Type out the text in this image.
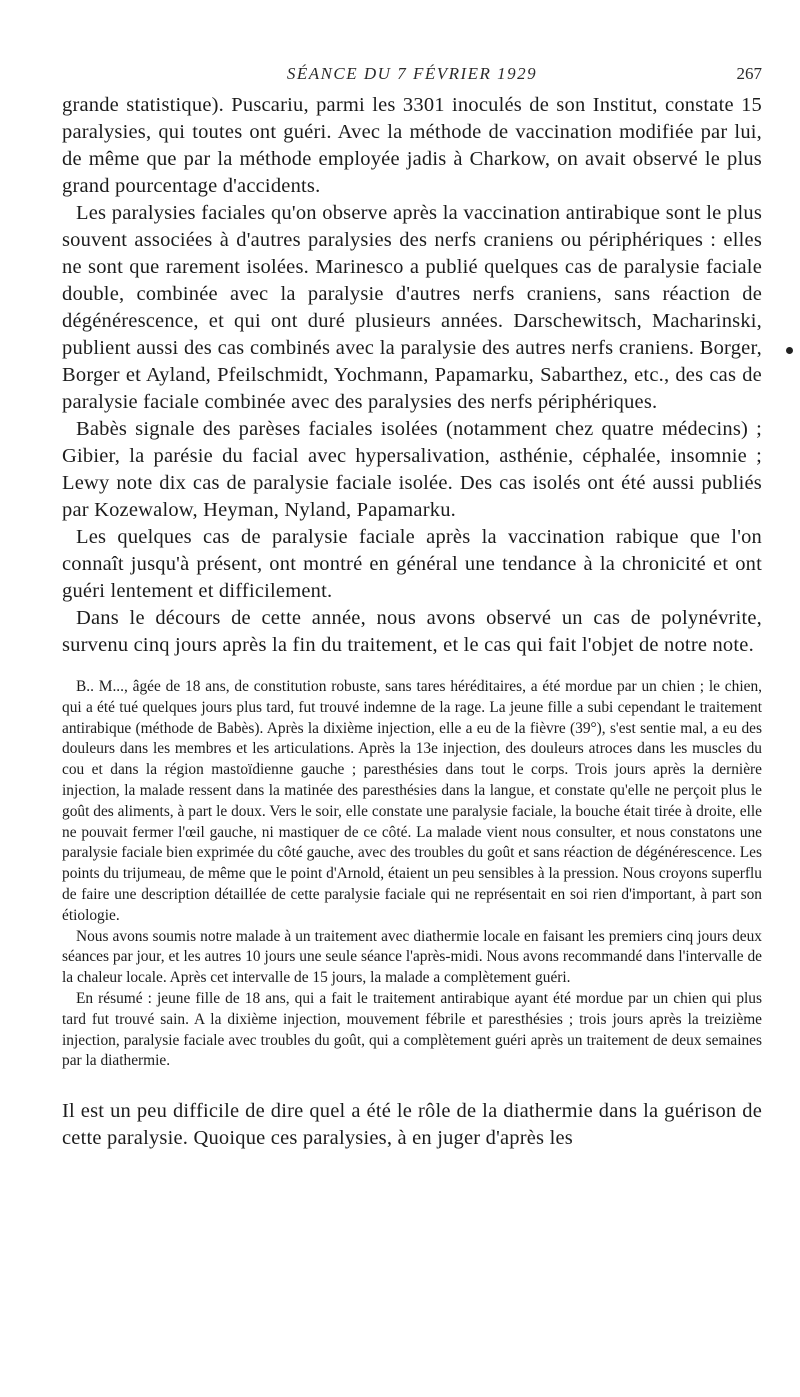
SÉANCE DU 7 FÉVRIER 1929	267

grande statistique). Puscariu, parmi les 3301 inoculés de son Institut, constate 15 paralysies, qui toutes ont guéri. Avec la méthode de vaccination modifiée par lui, de même que par la méthode employée jadis à Charkow, on avait observé le plus grand pourcentage d'accidents.

Les paralysies faciales qu'on observe après la vaccination antirabique sont le plus souvent associées à d'autres paralysies des nerfs craniens ou périphériques : elles ne sont que rarement isolées. Marinesco a publié quelques cas de paralysie faciale double, combinée avec la paralysie d'autres nerfs craniens, sans réaction de dégénérescence, et qui ont duré plusieurs années. Darschewitsch, Macharinski, publient aussi des cas combinés avec la paralysie des autres nerfs craniens. Borger, Borger et Ayland, Pfeilschmidt, Yochmann, Papamarku, Sabarthez, etc., des cas de paralysie faciale combinée avec des paralysies des nerfs périphériques.

Babès signale des parèses faciales isolées (notamment chez quatre médecins) ; Gibier, la parésie du facial avec hypersalivation, asthénie, céphalée, insomnie ; Lewy note dix cas de paralysie faciale isolée. Des cas isolés ont été aussi publiés par Kozewalow, Heyman, Nyland, Papamarku.

Les quelques cas de paralysie faciale après la vaccination rabique que l'on connaît jusqu'à présent, ont montré en général une tendance à la chronicité et ont guéri lentement et difficilement.

Dans le décours de cette année, nous avons observé un cas de polynévrite, survenu cinq jours après la fin du traitement, et le cas qui fait l'objet de notre note.

B.. M..., âgée de 18 ans, de constitution robuste, sans tares héréditaires, a été mordue par un chien ; le chien, qui a été tué quelques jours plus tard, fut trouvé indemne de la rage. La jeune fille a subi cependant le traitement antirabique (méthode de Babès). Après la dixième injection, elle a eu de la fièvre (39°), s'est sentie mal, a eu des douleurs dans les membres et les articulations. Après la 13e injection, des douleurs atroces dans les muscles du cou et dans la région mastoïdienne gauche ; paresthésies dans tout le corps. Trois jours après la dernière injection, la malade ressent dans la matinée des paresthésies dans la langue, et constate qu'elle ne perçoit plus le goût des aliments, à part le doux. Vers le soir, elle constate une paralysie faciale, la bouche était tirée à droite, elle ne pouvait fermer l'œil gauche, ni mastiquer de ce côté. La malade vient nous consulter, et nous constatons une paralysie faciale bien exprimée du côté gauche, avec des troubles du goût et sans réaction de dégénérescence. Les points du trijumeau, de même que le point d'Arnold, étaient un peu sensibles à la pression. Nous croyons superflu de faire une description détaillée de cette paralysie faciale qui ne représentait en soi rien d'important, à part son étiologie.

Nous avons soumis notre malade à un traitement avec diathermie locale en faisant les premiers cinq jours deux séances par jour, et les autres 10 jours une seule séance l'après-midi. Nous avons recommandé dans l'intervalle de la chaleur locale. Après cet intervalle de 15 jours, la malade a complètement guéri.

En résumé : jeune fille de 18 ans, qui a fait le traitement antirabique ayant été mordue par un chien qui plus tard fut trouvé sain. A la dixième injection, mouvement fébrile et paresthésies ; trois jours après la treizième injection, paralysie faciale avec troubles du goût, qui a complètement guéri après un traitement de deux semaines par la diathermie.

Il est un peu difficile de dire quel a été le rôle de la diathermie dans la guérison de cette paralysie. Quoique ces paralysies, à en juger d'après les
